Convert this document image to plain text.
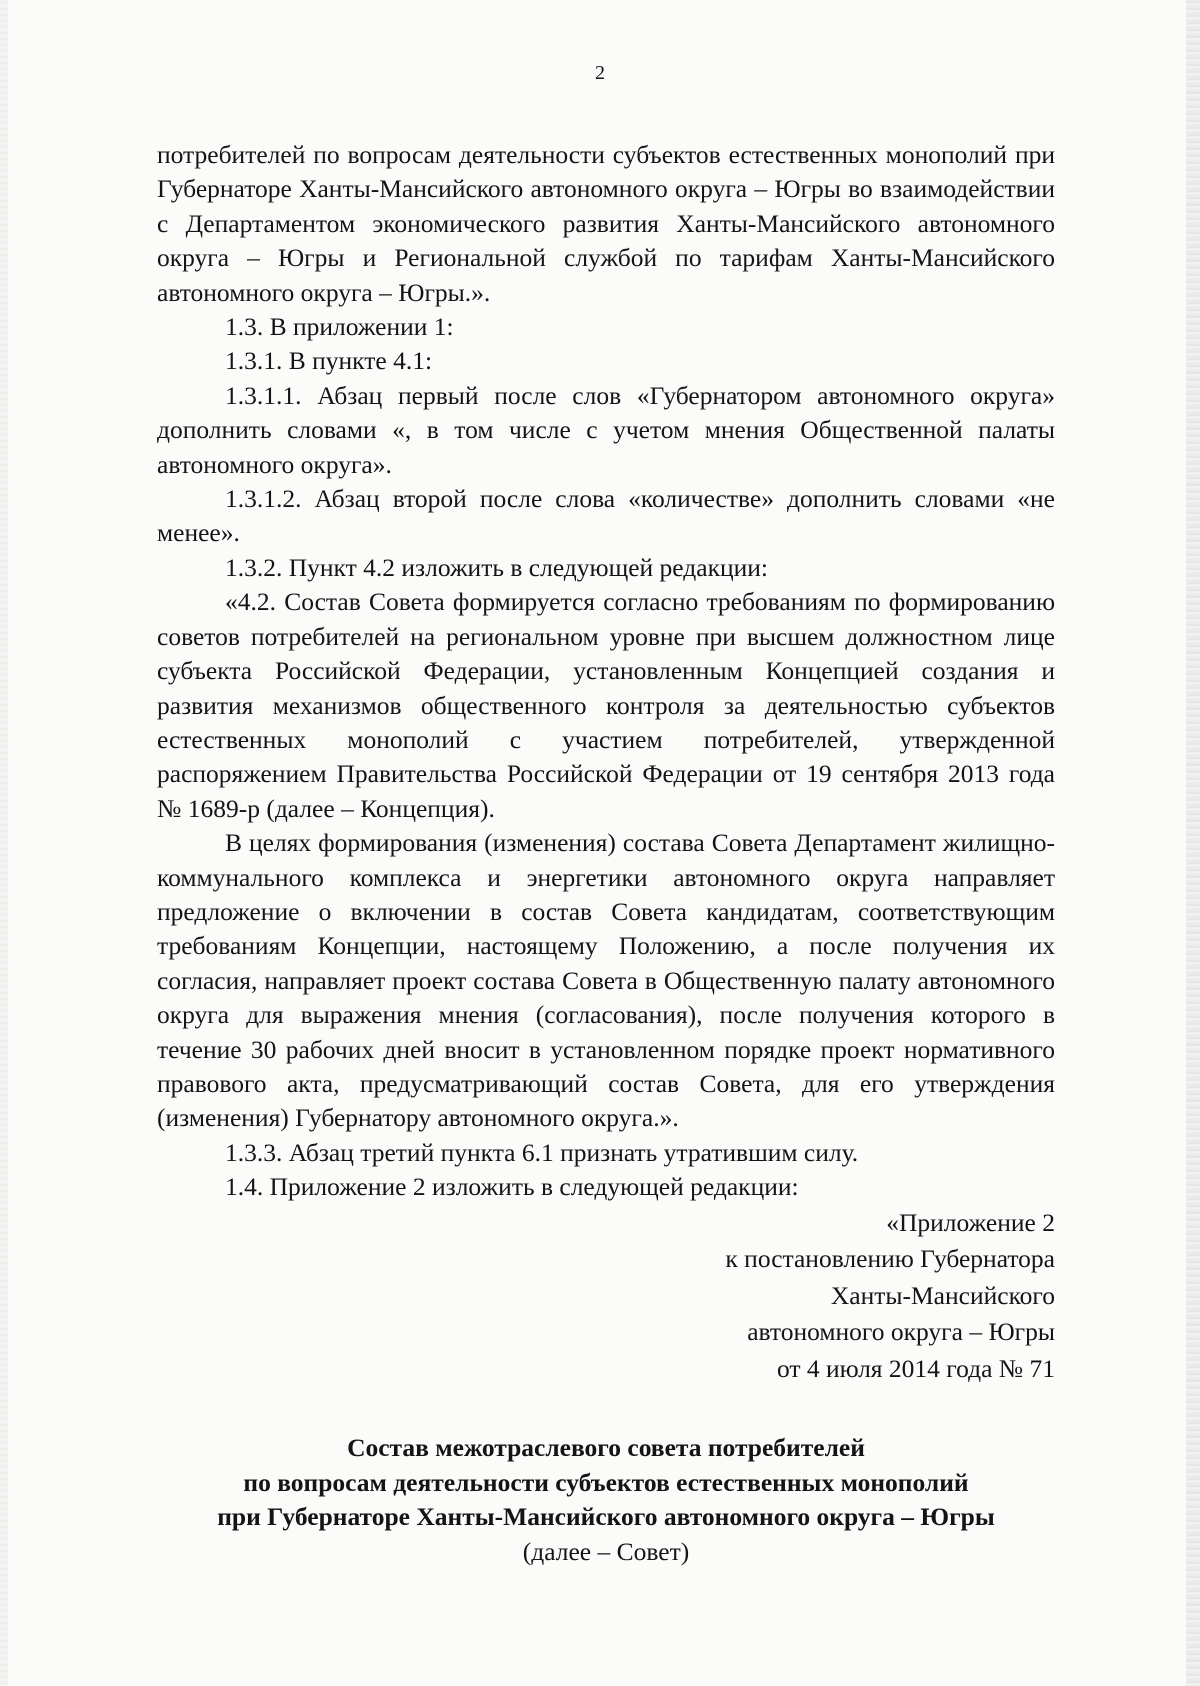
2

потребителей по вопросам деятельности субъектов естественных монополий при Губернаторе Ханты-Мансийского автономного округа – Югры во взаимодействии с Департаментом экономического развития Ханты-Мансийского автономного округа – Югры и Региональной службой по тарифам Ханты-Мансийского автономного округа – Югры.».

1.3. В приложении 1:

1.3.1. В пункте 4.1:

1.3.1.1. Абзац первый после слов «Губернатором автономного округа» дополнить словами «, в том числе с учетом мнения Общественной палаты автономного округа».

1.3.1.2. Абзац второй после слова «количестве» дополнить словами «не менее».

1.3.2. Пункт 4.2 изложить в следующей редакции:

«4.2. Состав Совета формируется согласно требованиям по формированию советов потребителей на региональном уровне при высшем должностном лице субъекта Российской Федерации, установленным Концепцией создания и развития механизмов общественного контроля за деятельностью субъектов естественных монополий с участием потребителей, утвержденной распоряжением Правительства Российской Федерации от 19 сентября 2013 года № 1689-р (далее – Концепция).

В целях формирования (изменения) состава Совета Департамент жилищно-коммунального комплекса и энергетики автономного округа направляет предложение о включении в состав Совета кандидатам, соответствующим требованиям Концепции, настоящему Положению, а после получения их согласия, направляет проект состава Совета в Общественную палату автономного округа для выражения мнения (согласования), после получения которого в течение 30 рабочих дней вносит в установленном порядке проект нормативного правового акта, предусматривающий состав Совета, для его утверждения (изменения) Губернатору автономного округа.».

1.3.3. Абзац третий пункта 6.1 признать утратившим силу.

1.4. Приложение 2 изложить в следующей редакции:

«Приложение 2
к постановлению Губернатора
Ханты-Мансийского
автономного округа – Югры
от 4 июля 2014 года № 71
Состав межотраслевого совета потребителей
по вопросам деятельности субъектов естественных монополий
при Губернаторе Ханты-Мансийского автономного округа – Югры
(далее – Совет)
